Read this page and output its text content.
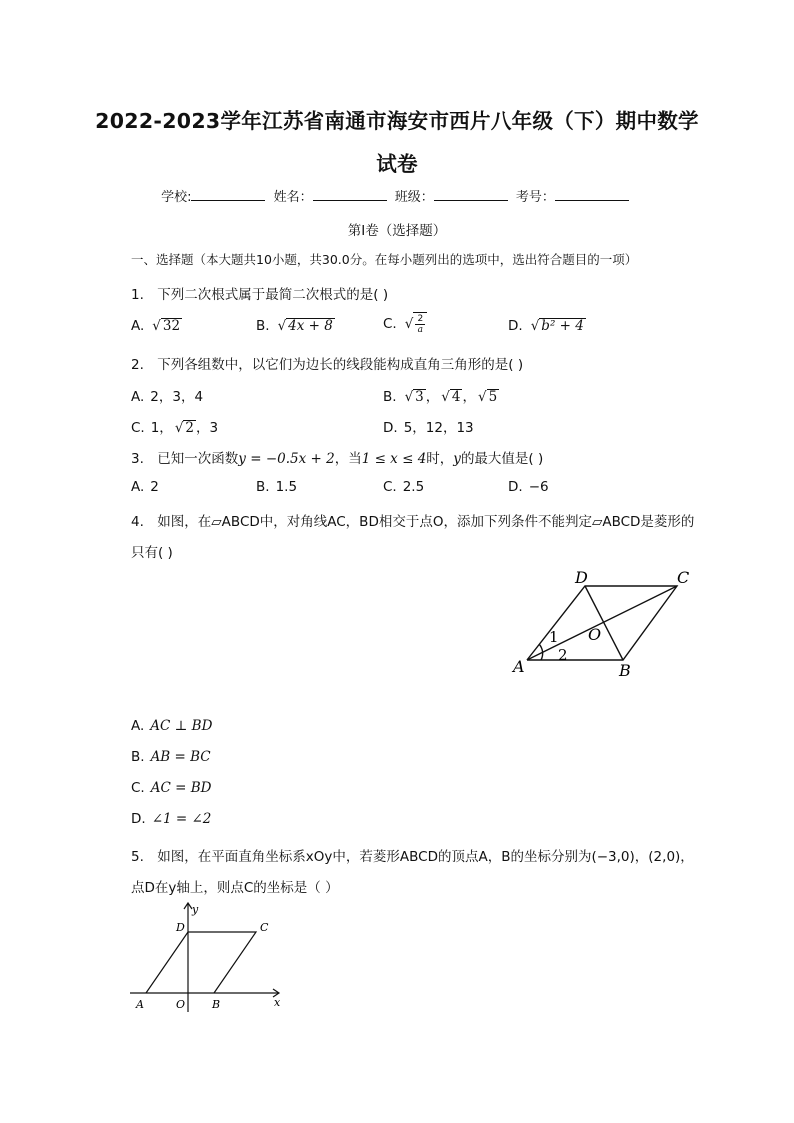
2022-2023学年江苏省南通市海安市西片八年级（下）期中数学
试卷
学校:	姓名：	班级：	考号：
第I卷（选择题）
一、选择题（本大题共10小题，共30.0分。在每小题列出的选项中，选出符合题目的一项）
1. 下列二次根式属于最简二次根式的是( )
A. √ 32	B. √ 4x + 8	C. √ $\frac{2}{a}$	D. √ b² + 4
2. 下列各组数中，以它们为边长的线段能构成直角三角形的是( )
A. 2，3，4	B. √ 3 ， √ 4 ， √ 5
C. 1， √ 2 ，3	D. 5，12，13
3. 已知一次函数y = −0.5x + 2，当1 ≤ x ≤ 4时，y的最大值是( )
A. 2	B. 1.5	C. 2.5	D. −6
4. 如图，在▱ABCD中，对角线AC，BD相交于点O，添加下列条件不能判定▱ABCD是菱形的
只有( )
A	B
C
D
O
1
2
A. AC ⊥ BD
B. AB = BC
C. AC = BD
D. ∠1 = ∠2
5. 如图，在平面直角坐标系xOy中，若菱形ABCD的顶点A，B的坐标分别为(−3,0)，(2,0)，
点D在y轴上，则点C的坐标是（ ）
A	O B
C
D
x
y
